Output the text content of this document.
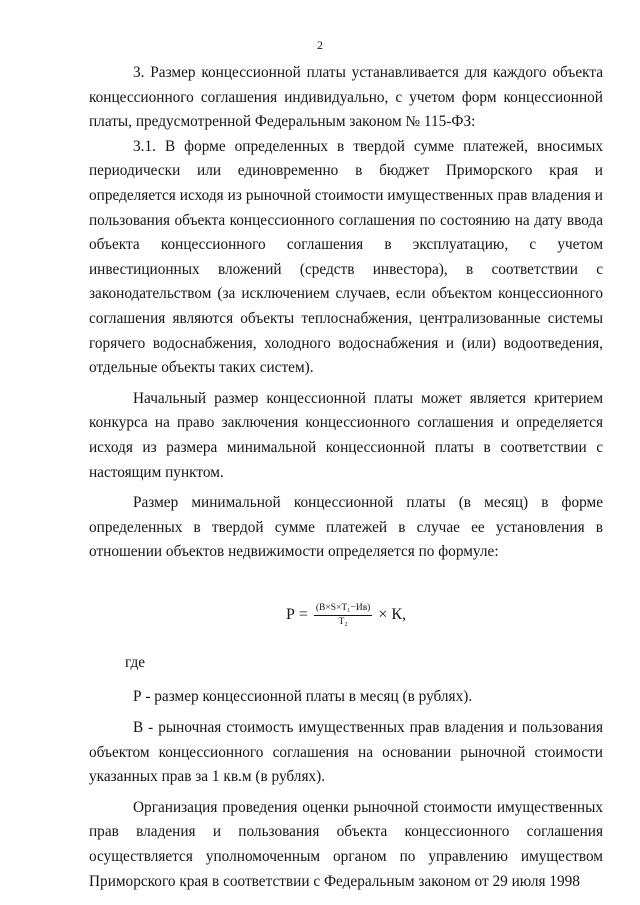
2

3. Размер концессионной платы устанавливается для каждого объекта концессионного соглашения индивидуально, с учетом форм концессионной платы, предусмотренной Федеральным законом № 115-ФЗ:

3.1. В форме определенных в твердой сумме платежей, вносимых периодически или единовременно в бюджет Приморского края и определяется исходя из рыночной стоимости имущественных прав владения и пользования объекта концессионного соглашения по состоянию на дату ввода объекта концессионного соглашения в эксплуатацию, с учетом инвестиционных вложений (средств инвестора), в соответствии с законодательством (за исключением случаев, если объектом концессионного соглашения являются объекты теплоснабжения, централизованные системы горячего водоснабжения, холодного водоснабжения и (или) водоотведения, отдельные объекты таких систем).

Начальный размер концессионной платы может является критерием конкурса на право заключения концессионного соглашения и определяется исходя из размера минимальной концессионной платы в соответствии с настоящим пунктом.

Размер минимальной концессионной платы (в месяц) в форме определенных в твердой сумме платежей в случае ее установления в отношении объектов недвижимости определяется по формуле:

$Р = \frac{\text{(В×S×T₁−Ив)}}{\text{T₂}} \times К$,

где

Р - размер концессионной платы в месяц (в рублях).

В - рыночная стоимость имущественных прав владения и пользования объектом концессионного соглашения на основании рыночной стоимости указанных прав за 1 кв.м (в рублях).

Организация проведения оценки рыночной стоимости имущественных прав владения и пользования объекта концессионного соглашения осуществляется уполномоченным органом по управлению имуществом Приморского края в соответствии с Федеральным законом от 29 июля 1998
